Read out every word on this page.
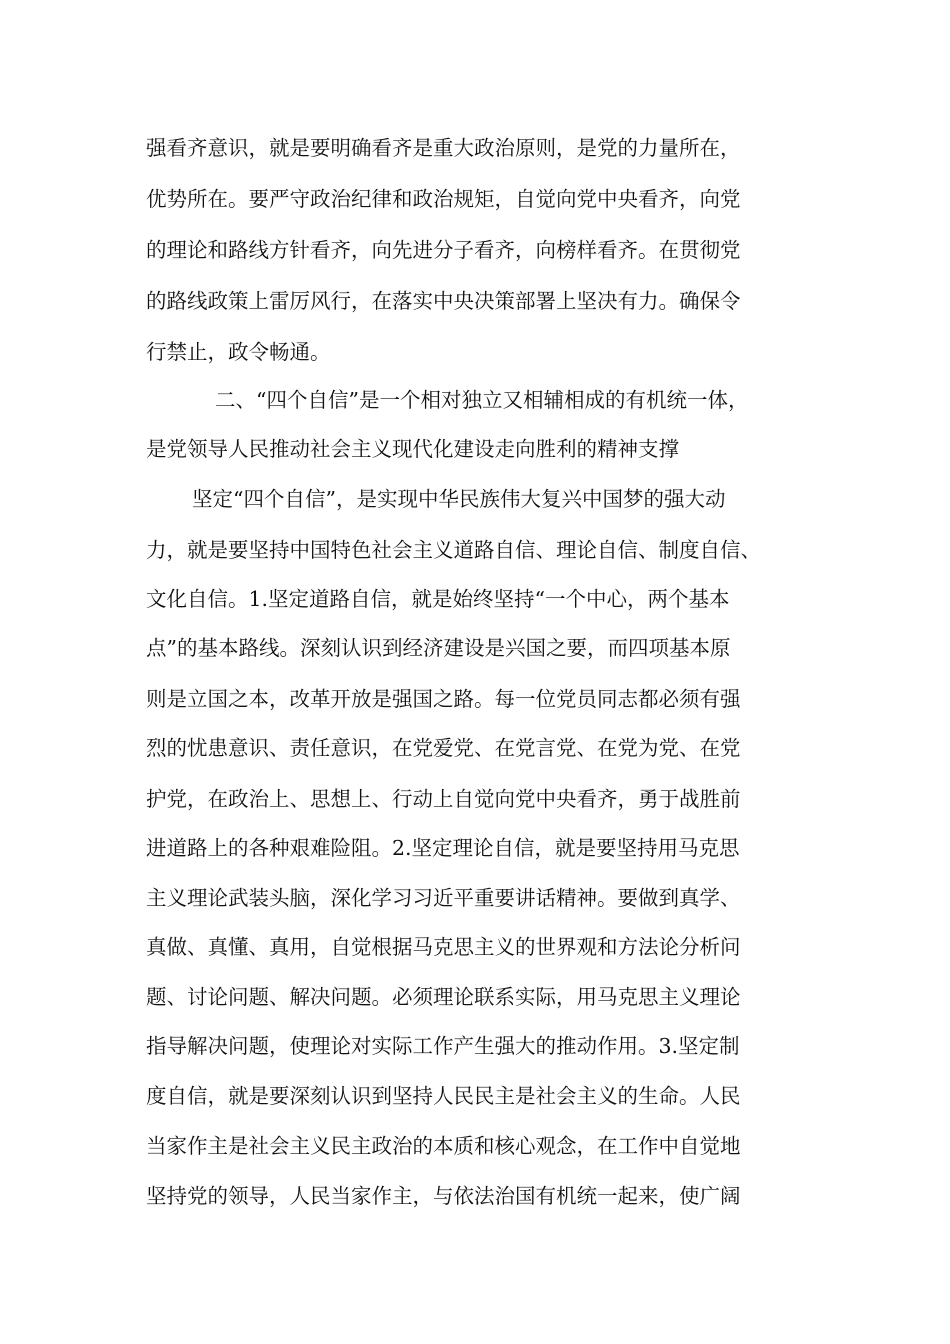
强看齐意识，就是要明确看齐是重大政治原则，是党的力量所在，
优势所在。要严守政治纪律和政治规矩，自觉向党中央看齐，向党
的理论和路线方针看齐，向先进分子看齐，向榜样看齐。在贯彻党
的路线政策上雷厉风行，在落实中央决策部署上坚决有力。确保令
行禁止，政令畅通。
二、“四个自信”是一个相对独立又相辅相成的有机统一体，
是党领导人民推动社会主义现代化建设走向胜利的精神支撑
坚定“四个自信”，是实现中华民族伟大复兴中国梦的强大动
力，就是要坚持中国特色社会主义道路自信、理论自信、制度自信、
文化自信。1.坚定道路自信，就是始终坚持“一个中心，两个基本
点”的基本路线。深刻认识到经济建设是兴国之要，而四项基本原
则是立国之本，改革开放是强国之路。每一位党员同志都必须有强
烈的忧患意识、责任意识，在党爱党、在党言党、在党为党、在党
护党，在政治上、思想上、行动上自觉向党中央看齐，勇于战胜前
进道路上的各种艰难险阻。2.坚定理论自信，就是要坚持用马克思
主义理论武装头脑，深化学习习近平重要讲话精神。要做到真学、
真做、真懂、真用，自觉根据马克思主义的世界观和方法论分析问
题、讨论问题、解决问题。必须理论联系实际，用马克思主义理论
指导解决问题，使理论对实际工作产生强大的推动作用。3.坚定制
度自信，就是要深刻认识到坚持人民民主是社会主义的生命。人民
当家作主是社会主义民主政治的本质和核心观念，在工作中自觉地
坚持党的领导，人民当家作主，与依法治国有机统一起来，使广阔
